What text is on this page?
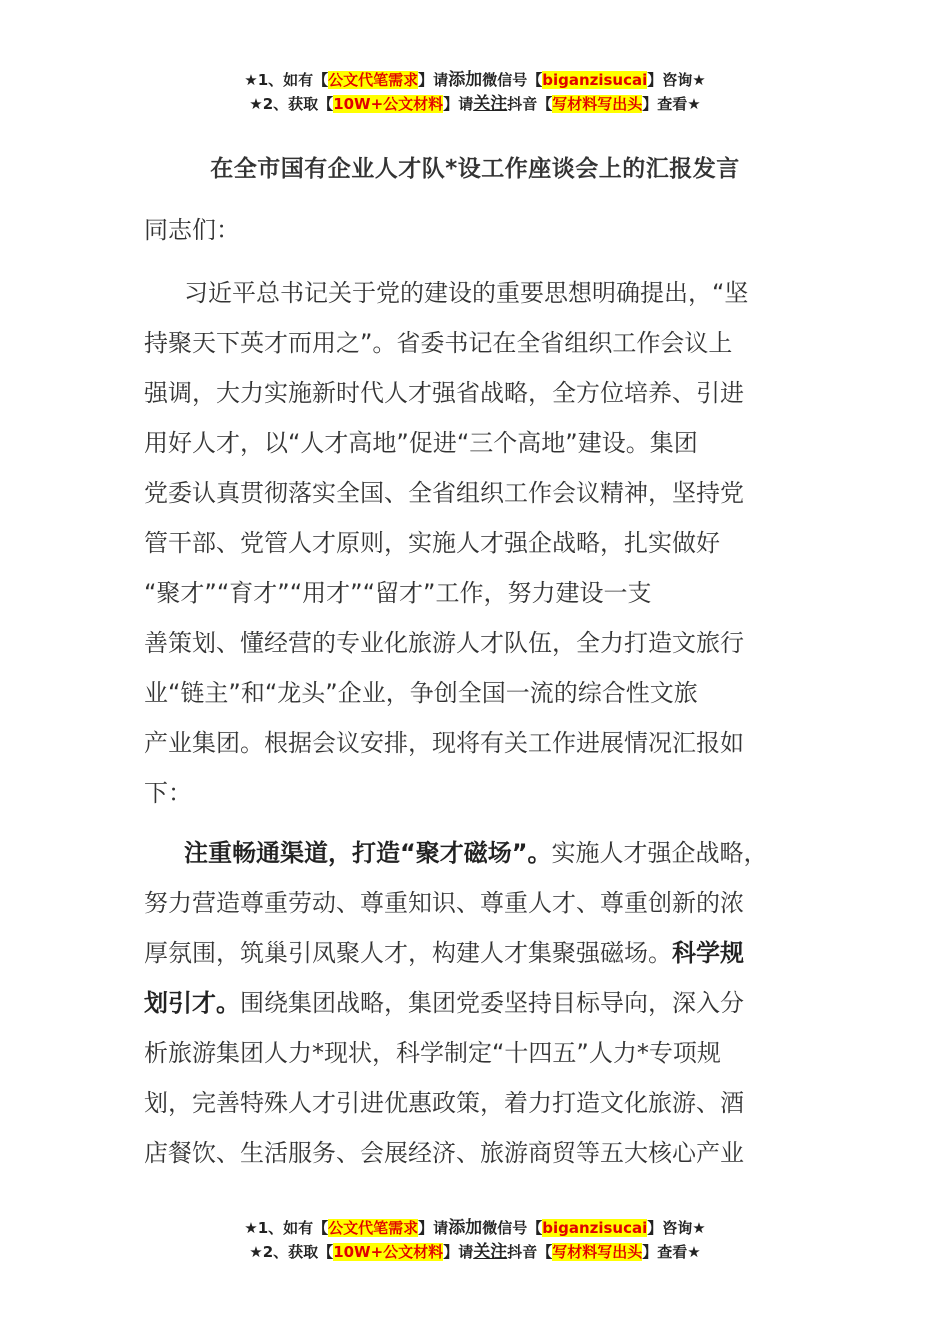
★1、如有【公文代笔需求】请添加微信号【biganzisucai】咨询★
★2、获取【10W+公文材料】请关注抖音【写材料写出头】查看★
在全市国有企业人才队*设工作座谈会上的汇报发言

同志们：

习近平总书记关于党的建设的重要思想明确提出，“坚
持聚天下英才而用之”。省委书记在全省组织工作会议上
强调，大力实施新时代人才强省战略，全方位培养、引进
用好人才，以“人才高地”促进“三个高地”建设。集团
党委认真贯彻落实全国、全省组织工作会议精神，坚持党
管干部、党管人才原则，实施人才强企战略，扎实做好
“聚才”“育才”“用才”“留才”工作，努力建设一支
善策划、懂经营的专业化旅游人才队伍，全力打造文旅行
业“链主”和“龙头”企业，争创全国一流的综合性文旅
产业集团。根据会议安排，现将有关工作进展情况汇报如
下：
注重畅通渠道，打造“聚才磁场”。实施人才强企战略，
努力营造尊重劳动、尊重知识、尊重人才、尊重创新的浓
厚氛围，筑巢引凤聚人才，构建人才集聚强磁场。科学规
划引才。围绕集团战略，集团党委坚持目标导向，深入分
析旅游集团人力*现状，科学制定“十四五”人力*专项规
划，完善特殊人才引进优惠政策，着力打造文化旅游、酒
店餐饮、生活服务、会展经济、旅游商贸等五大核心产业
★1、如有【公文代笔需求】请添加微信号【biganzisucai】咨询★
★2、获取【10W+公文材料】请关注抖音【写材料写出头】查看★
